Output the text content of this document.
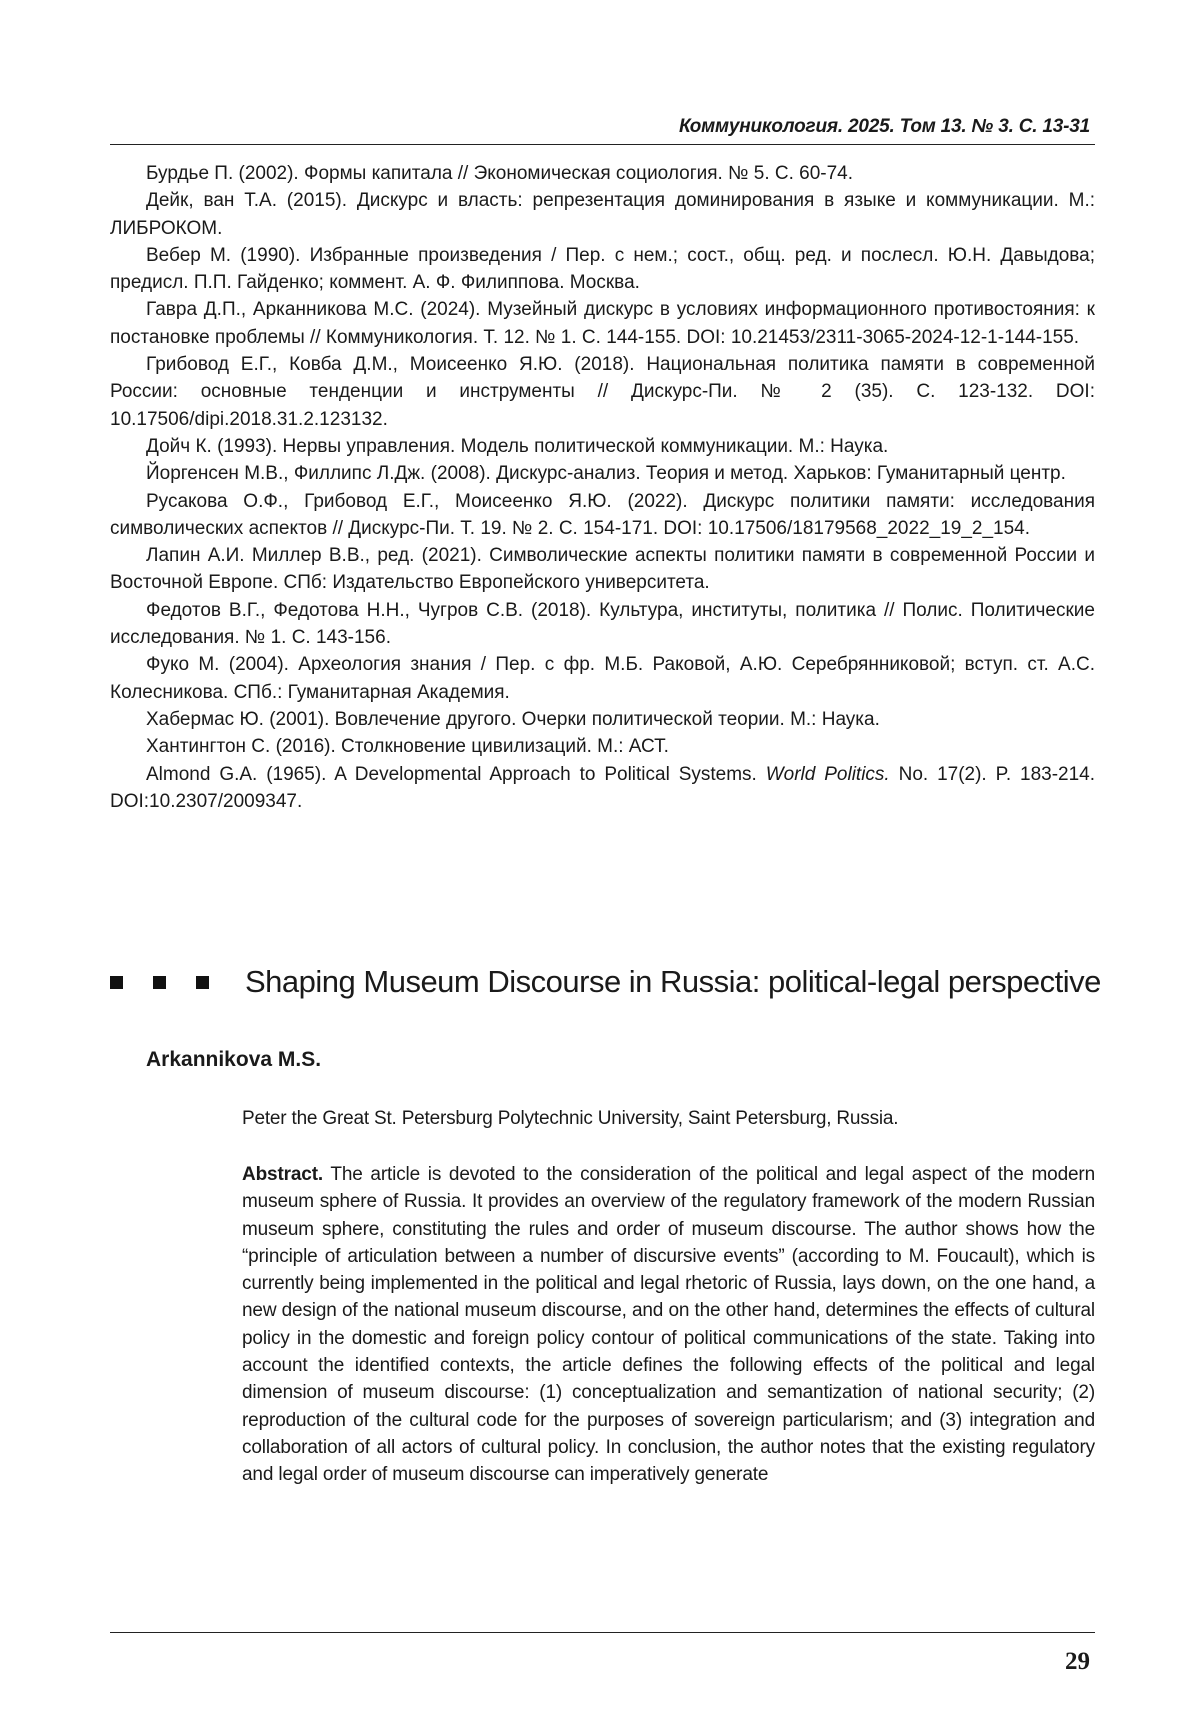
Коммуникология. 2025. Том 13. № 3. С. 13-31

Бурдье П. (2002). Формы капитала // Экономическая социология. № 5. С. 60-74.

Дейк, ван Т.А. (2015). Дискурс и власть: репрезентация доминирования в языке и коммуникации. М.: ЛИБРОКОМ.

Вебер М. (1990). Избранные произведения / Пер. с нем.; сост., общ. ред. и послесл. Ю.Н. Давыдова; предисл. П.П. Гайденко; коммент. А. Ф. Филиппова. Москва.

Гавра Д.П., Арканникова М.С. (2024). Музейный дискурс в условиях информационного противостояния: к постановке проблемы // Коммуникология. Т. 12. № 1. С. 144-155. DOI: 10.21453/2311-3065-2024-12-1-144-155.

Грибовод Е.Г., Ковба Д.М., Моисеенко Я.Ю. (2018). Национальная политика памяти в современной России: основные тенденции и инструменты // Дискурс-Пи. № 2 (35). С. 123-132. DOI: 10.17506/dipi.2018.31.2.123132.

Дойч К. (1993). Нервы управления. Модель политической коммуникации. М.: Наука.

Йоргенсен М.В., Филлипс Л.Дж. (2008). Дискурс-анализ. Теория и метод. Харьков: Гуманитарный центр.

Русакова О.Ф., Грибовод Е.Г., Моисеенко Я.Ю. (2022). Дискурс политики памяти: исследования символических аспектов // Дискурс-Пи. Т. 19. № 2. С. 154-171. DOI: 10.17506/18179568_2022_19_2_154.

Лапин А.И. Миллер В.В., ред. (2021). Символические аспекты политики памяти в современной России и Восточной Европе. СПб: Издательство Европейского университета.

Федотов В.Г., Федотова Н.Н., Чугров С.В. (2018). Культура, институты, политика // Полис. Политические исследования. № 1. С. 143-156.

Фуко М. (2004). Археология знания / Пер. с фр. М.Б. Раковой, А.Ю. Серебрянниковой; вступ. ст. А.С. Колесникова. СПб.: Гуманитарная Академия.

Хабермас Ю. (2001). Вовлечение другого. Очерки политической теории. М.: Наука.

Хантингтон С. (2016). Столкновение цивилизаций. М.: АСТ.

Almond G.A. (1965). A Developmental Approach to Political Systems. World Politics. No. 17(2). P. 183-214. DOI:10.2307/2009347.

Shaping Museum Discourse in Russia: political-legal perspective
Arkannikova M.S.
Peter the Great St. Petersburg Polytechnic University, Saint Petersburg, Russia.

Abstract. The article is devoted to the consideration of the political and legal aspect of the modern museum sphere of Russia. It provides an overview of the regulatory framework of the modern Russian museum sphere, constituting the rules and order of museum discourse. The author shows how the “principle of articulation between a number of discursive events” (according to M. Foucault), which is currently being implemented in the political and legal rhetoric of Russia, lays down, on the one hand, a new design of the national museum discourse, and on the other hand, determines the effects of cultural policy in the domestic and foreign policy contour of political communications of the state. Taking into account the identified contexts, the article defines the following effects of the political and legal dimension of museum discourse: (1) conceptualization and semantization of national security; (2) reproduction of the cultural code for the purposes of sovereign particularism; and (3) integration and collaboration of all actors of cultural policy. In conclusion, the author notes that the existing regulatory and legal order of museum discourse can imperatively generate

29
